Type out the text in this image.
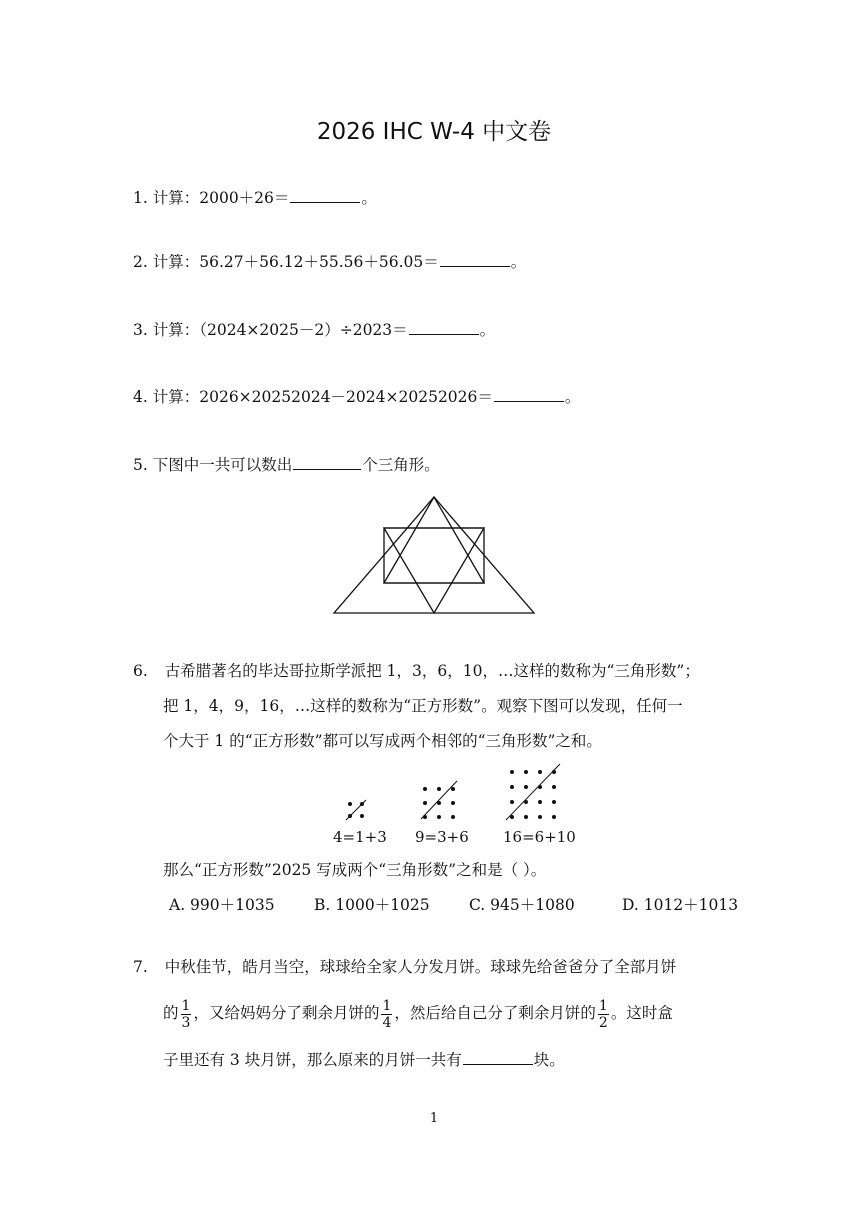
2026 IHC W-4 中文卷
1. 计算：2000＋26＝	。
2. 计算：56.27＋56.12＋55.56＋56.05＝	。
3. 计算：（2024×2025－2）÷2023＝	。
4. 计算：2026×20252024－2024×20252026＝	。
5. 下图中一共可以数出	个三角形。
6. 古希腊著名的毕达哥拉斯学派把 1，3，6，10，…这样的数称为“三角形数”；
把 1，4，9，16，…这样的数称为“正方形数”。观察下图可以发现，任何一
个大于 1 的“正方形数”都可以写成两个相邻的“三角形数”之和。
4=1+3 9=3+6 16=6+10
那么“正方形数”2025 写成两个“三角形数”之和是（ ）。
A. 990＋1035	B. 1000＋1025	C. 945＋1080	D. 1012＋1013
7. 中秋佳节，皓月当空，球球给全家人分发月饼。球球先给爸爸分了全部月饼
的 $\frac{1}{3}$ ，又给妈妈分了剩余月饼的 $\frac{1}{4}$ ，然后给自己分了剩余月饼的 $\frac{1}{2}$ 。这时盒
子里还有 3 块月饼，那么原来的月饼一共有	块。
1
